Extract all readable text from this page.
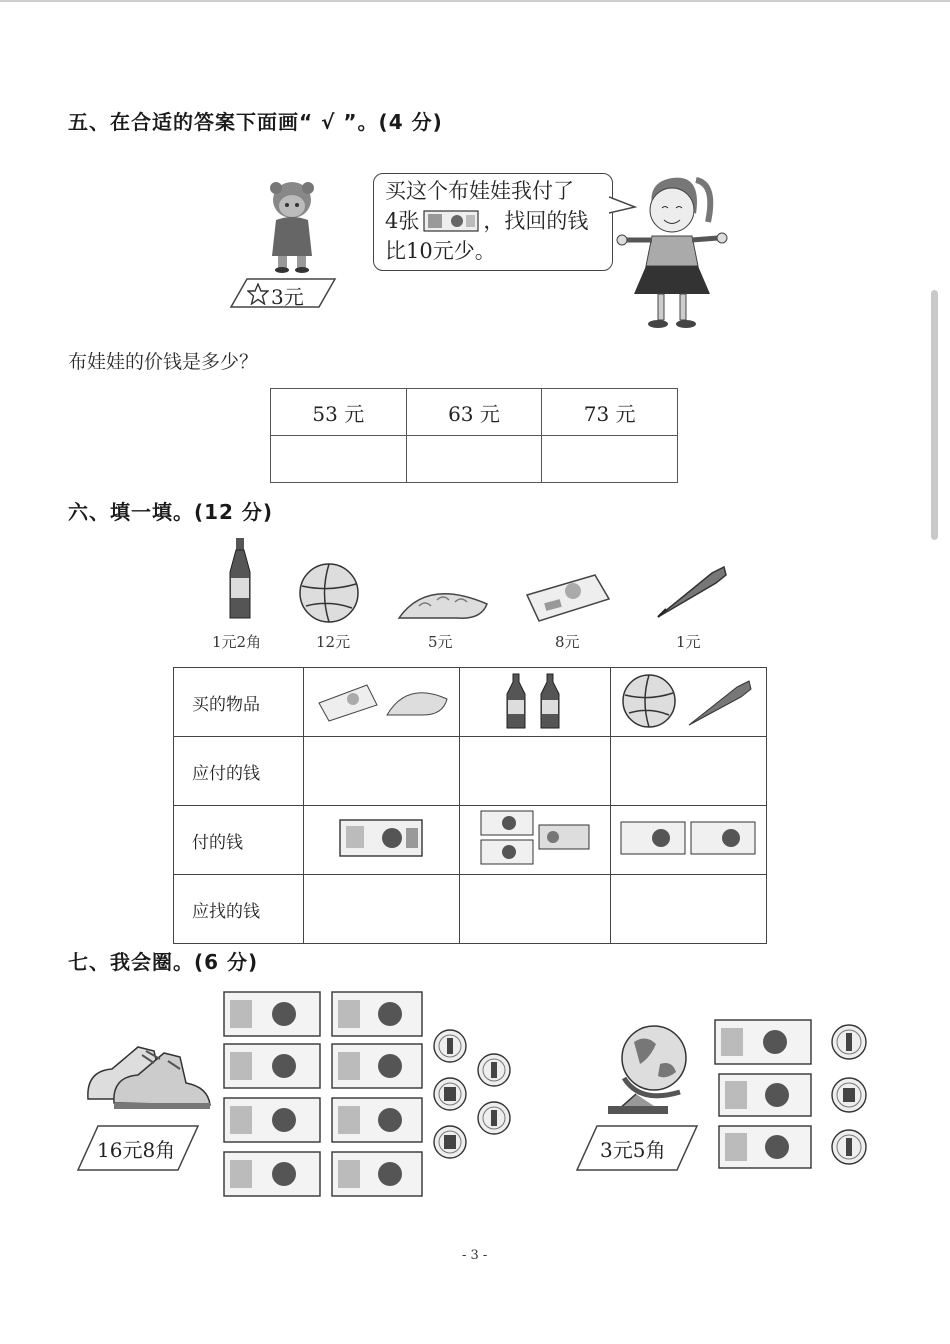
五、在合适的答案下面画“ √ ”。(4 分)
3元
买这个布娃娃我付了
4张	，找回的钱
比10元少。
布娃娃的价钱是多少？
53 元	63 元	73 元

六、填一填。(12 分)
1元2角	12元	5元	8元	1元
买的物品			
应付的钱			
付的钱			
应找的钱			
七、我会圈。(6 分)
16元8角	3元5角
- 3 -
